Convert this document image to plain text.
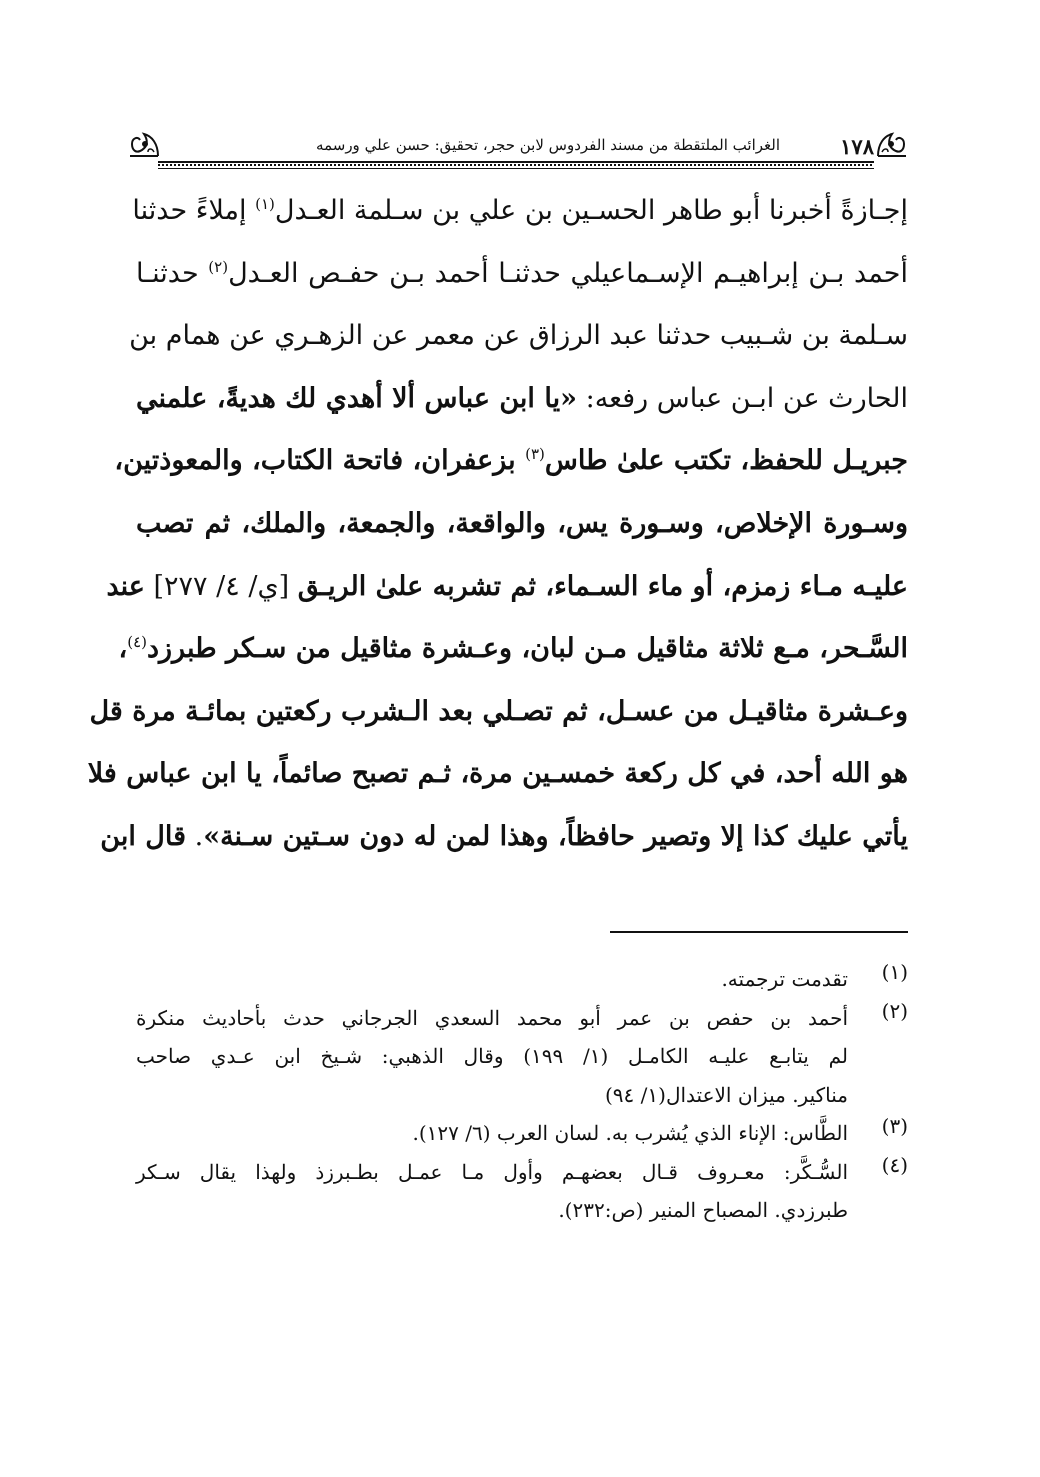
١٧٨
الغرائب الملتقطة من مسند الفردوس لابن حجر، تحقيق: حسن علي ورسمه
إجـازةً أخبرنا أبو طاهر الحسـين بن علي بن سـلمة العـدل$^{(١)}$ إملاءً حدثنا
أحمد بـن إبراهيـم الإسـماعيلي حدثنـا أحمد بـن حفـص العـدل$^{(٢)}$ حدثنـا
سـلمة بن شـبيب حدثنا عبد الرزاق عن معمر عن الزهـري عن همام بن
الحارث عن ابـن عباس رفعه: «يا ابن عباس ألا أهدي لك هديةً، علمني
جبريـل للحفظ، تكتب علىٰ طاس$^{(٣)}$ بزعفران، فاتحة الكتاب، والمعوذتين،
وسـورة الإخلاص، وسـورة يس، والواقعة، والجمعة، والملك، ثم تصب
عليـه مـاء زمزم، أو ماء السـماء، ثم تشربه علىٰ الريـق [ي/ ٤/ ٢٧٧] عند
السَّـحر، مـع ثلاثة مثاقيل مـن لبان، وعـشرة مثاقيل من سـكر طبرزد$^{(٤)}$،
وعـشرة مثاقيـل من عسـل، ثم تصـلي بعد الـشرب ركعتين بمائـة مرة قل
هو الله أحد، في كل ركعة خمسـين مرة، ثـم تصبح صائماً، يا ابن عباس فلا
يأتي عليك كذا إلا وتصير حافظاً، وهذا لمن له دون سـتين سـنة». قال ابن
(١)
تقدمت ترجمته.
(٢)
أحمد بن حفص بن عمر أبو محمد السعدي الجرجاني حدث بأحاديث منكرة
لم يتابـع عليـه الكامـل (١/ ١٩٩) وقال الذهبي: شـيخ ابن عـدي صاحب
مناكير. ميزان الاعتدال(١/ ٩٤)
(٣)
الطَّاس: الإناء الذي يُشرب به. لسان العرب (٦/ ١٢٧).
(٤)
السُّـكَّر: معـروف قـال بعضهـم وأول مـا عمـل بطـبرزذ ولهذا يقال سـكر
طبرزدي. المصباح المنير (ص:٢٣٢).
